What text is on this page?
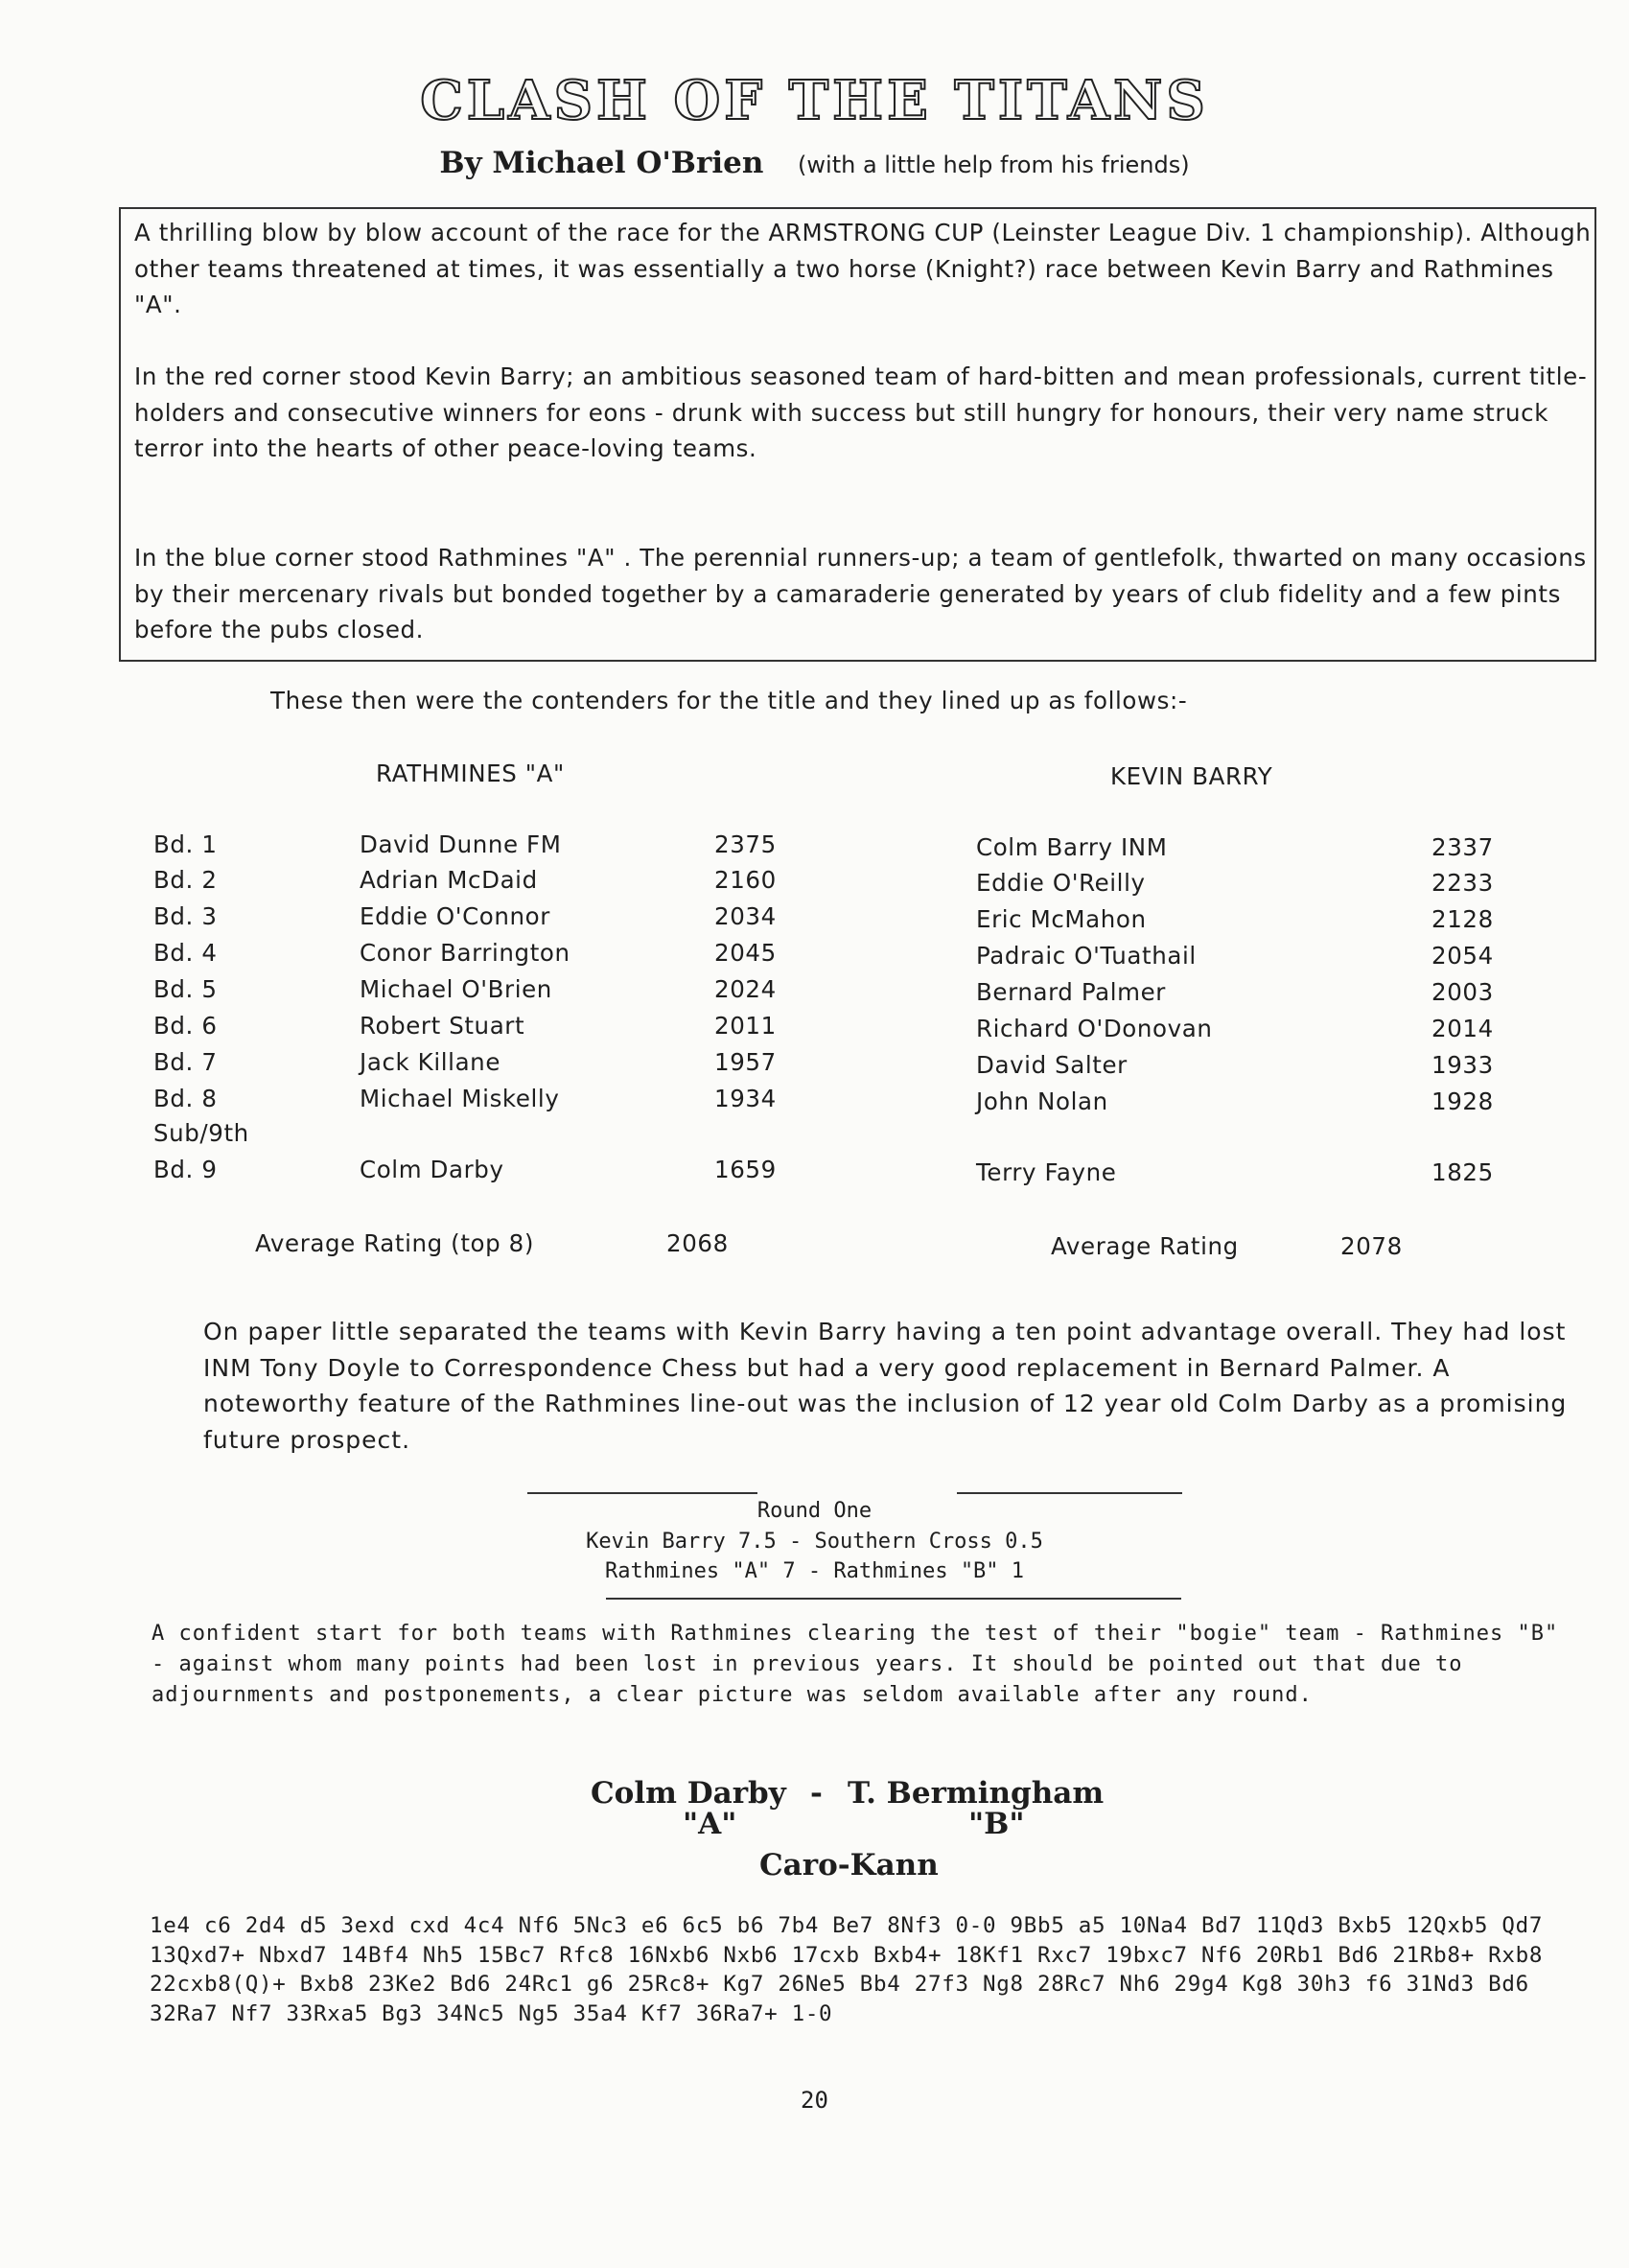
CLASH OF THE TITANS
By Michael O'Brien (with a little help from his friends)
A thrilling blow by blow account of the race for the ARMSTRONG CUP (Leinster League Div. 1 championship). Although other teams threatened at times, it was essentially a two horse (Knight?) race between Kevin Barry and Rathmines "A".
In the red corner stood Kevin Barry; an ambitious seasoned team of hard-bitten and mean professionals, current title-holders and consecutive winners for eons - drunk with success but still hungry for honours, their very name struck terror into the hearts of other peace-loving teams.
In the blue corner stood Rathmines "A" . The perennial runners-up; a team of gentlefolk, thwarted on many occasions by their mercenary rivals but bonded together by a camaraderie generated by years of club fidelity and a few pints before the pubs closed.
These then were the contenders for the title and they lined up as follows:-
RATHMINES "A"	KEVIN BARRY
Bd. 1	David Dunne FM	2375	Colm Barry INM	2337
Bd. 2	Adrian McDaid	2160	Eddie O'Reilly	2233
Bd. 3	Eddie O'Connor	2034	Eric McMahon	2128
Bd. 4	Conor Barrington	2045	Padraic O'Tuathail	2054
Bd. 5	Michael O'Brien	2024	Bernard Palmer	2003
Bd. 6	Robert Stuart	2011	Richard O'Donovan	2014
Bd. 7	Jack Killane	1957	David Salter	1933
Bd. 8	Michael Miskelly	1934	John Nolan	1928
Sub/9th
Bd. 9	Colm Darby	1659	Terry Fayne	1825
Average Rating (top 8)	2068	Average Rating	2078
On paper little separated the teams with Kevin Barry having a ten point advantage overall. They had lost INM Tony Doyle to Correspondence Chess but had a very good replacement in Bernard Palmer. A noteworthy feature of the Rathmines line-out was the inclusion of 12 year old Colm Darby as a promising future prospect.
Round One
Kevin Barry 7.5 - Southern Cross 0.5
Rathmines "A" 7 - Rathmines "B" 1
A confident start for both teams with Rathmines clearing the test of their "bogie" team - Rathmines "B" - against whom many points had been lost in previous years. It should be pointed out that due to adjournments and postponements, a clear picture was seldom available after any round.
Colm Darby - T. Bermingham
"A"	"B"
Caro-Kann
1e4 c6 2d4 d5 3exd cxd 4c4 Nf6 5Nc3 e6 6c5 b6 7b4 Be7 8Nf3 0-0 9Bb5 a5 10Na4 Bd7 11Qd3 Bxb5 12Qxb5 Qd7 13Qxd7+ Nbxd7 14Bf4 Nh5 15Bc7 Rfc8 16Nxb6 Nxb6 17cxb Bxb4+ 18Kf1 Rxc7 19bxc7 Nf6 20Rb1 Bd6 21Rb8+ Rxb8 22cxb8(Q)+ Bxb8 23Ke2 Bd6 24Rc1 g6 25Rc8+ Kg7 26Ne5 Bb4 27f3 Ng8 28Rc7 Nh6 29g4 Kg8 30h3 f6 31Nd3 Bd6 32Ra7 Nf7 33Rxa5 Bg3 34Nc5 Ng5 35a4 Kf7 36Ra7+ 1-0
20
